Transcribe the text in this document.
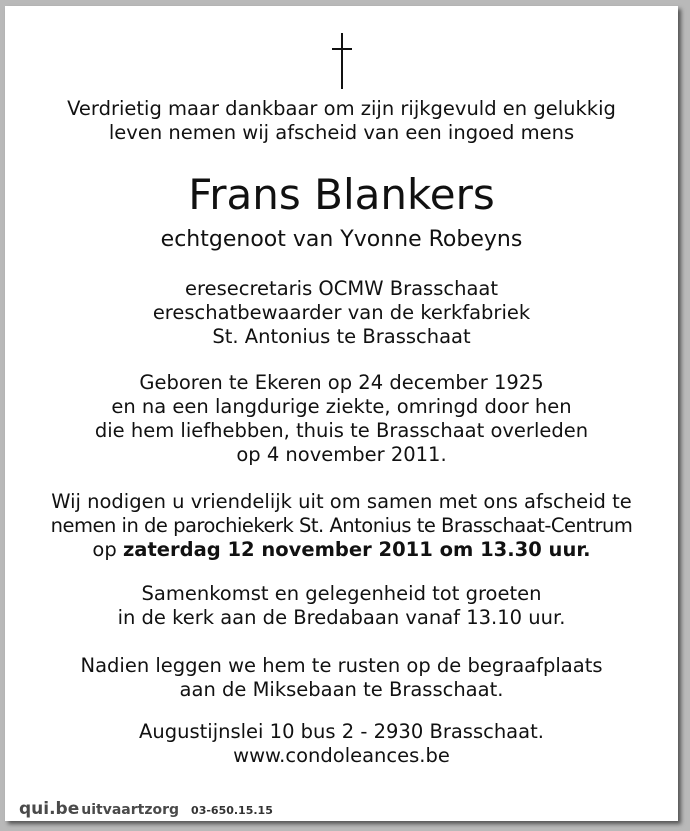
Verdrietig maar dankbaar om zijn rijkgevuld en gelukkig
leven nemen wij afscheid van een ingoed mens
Frans Blankers
echtgenoot van Yvonne Robeyns
eresecretaris OCMW Brasschaat
ereschatbewaarder van de kerkfabriek
St. Antonius te Brasschaat
Geboren te Ekeren op 24 december 1925
en na een langdurige ziekte, omringd door hen
die hem liefhebben, thuis te Brasschaat overleden
op 4 november 2011.
Wij nodigen u vriendelijk uit om samen met ons afscheid te
nemen in de parochiekerk St. Antonius te Brasschaat-Centrum
op zaterdag 12 november 2011 om 13.30 uur.
Samenkomst en gelegenheid tot groeten
in de kerk aan de Bredabaan vanaf 13.10 uur.
Nadien leggen we hem te rusten op de begraafplaats
aan de Miksebaan te Brasschaat.
Augustijnslei 10 bus 2 - 2930 Brasschaat.
www.condoleances.be
qui.be uitvaartzorg 03-650.15.15
